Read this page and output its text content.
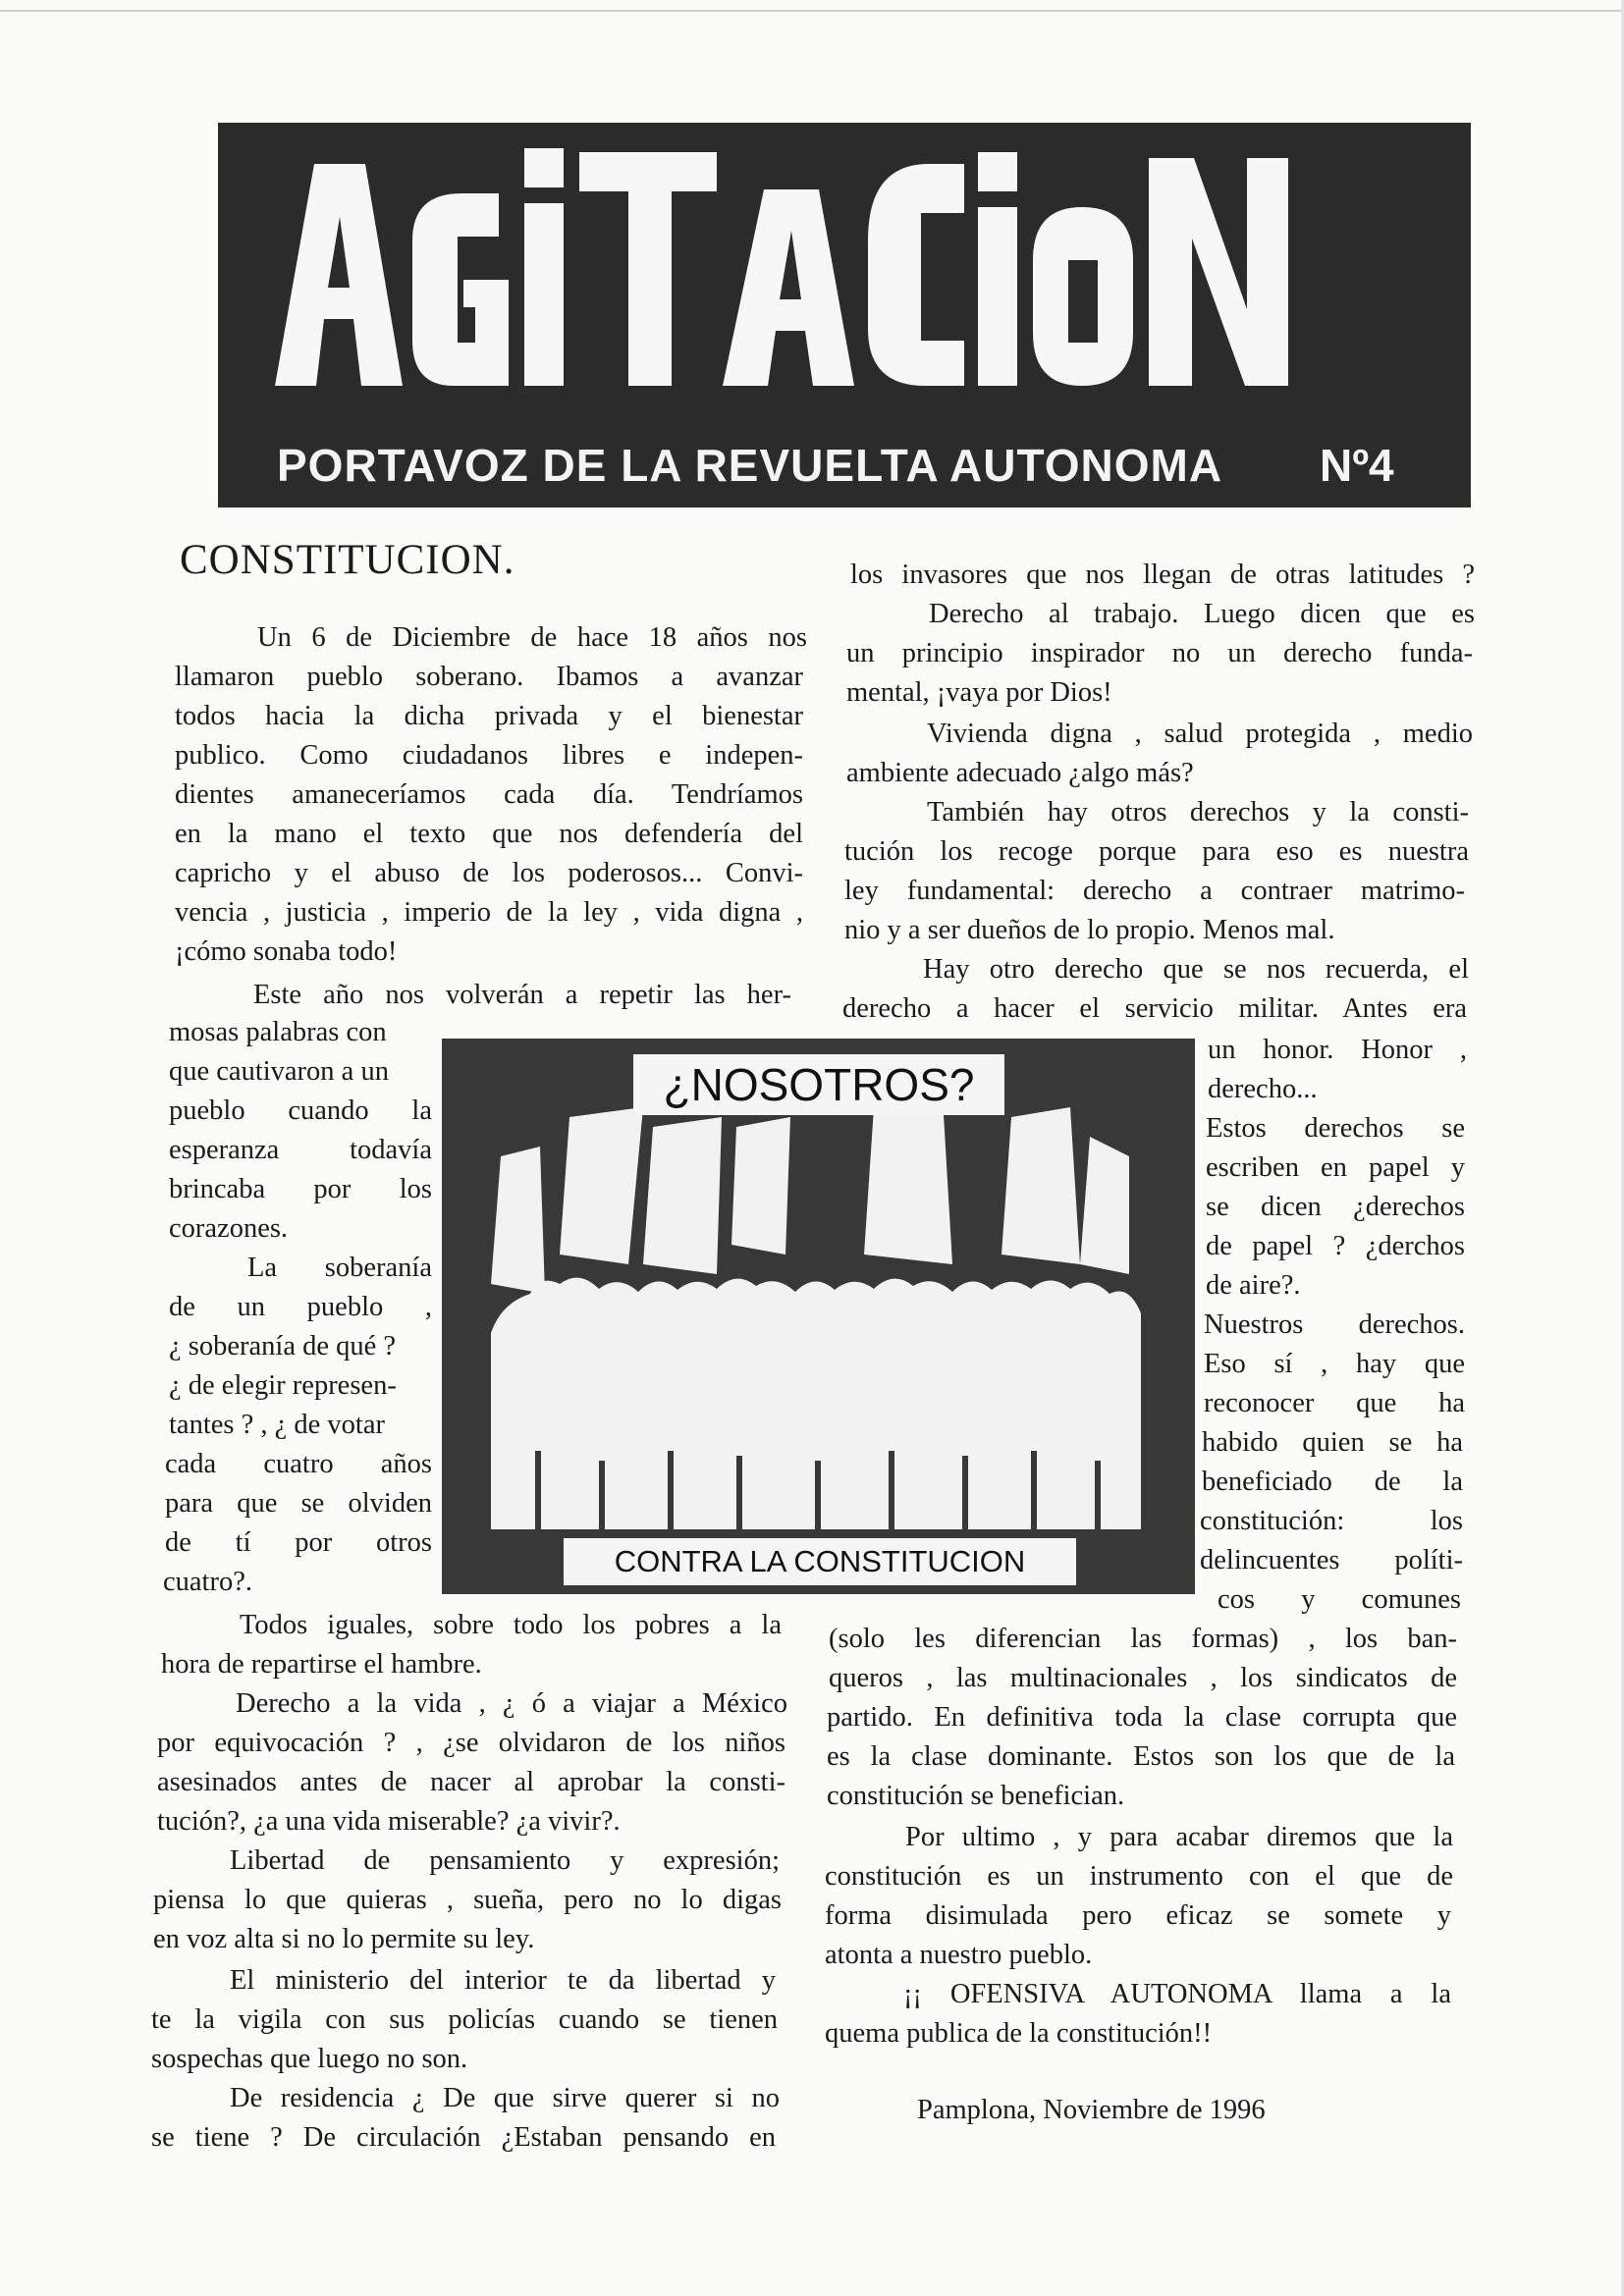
PORTAVOZ DE LA REVUELTA AUTONOMA	Nº4
CONSTITUCION.
Un 6 de Diciembre de hace 18 años nos
llamaron pueblo soberano. Ibamos a avanzar
todos hacia la dicha privada y el bienestar
publico. Como ciudadanos libres e indepen-
dientes amaneceríamos cada día. Tendríamos
en la mano el texto que nos defendería del
capricho y el abuso de los poderosos... Convi-
vencia , justicia , imperio de la ley , vida digna ,
¡cómo sonaba todo!
Este año nos volverán a repetir las her-
mosas palabras con
que cautivaron a un
pueblo cuando la
esperanza todavía
brincaba por los
corazones.
La soberanía
de un pueblo ,
¿ soberanía de qué ?
¿ de elegir represen-
tantes ? , ¿ de votar
cada cuatro años
para que se olviden
de tí por otros
cuatro?.
Todos iguales, sobre todo los pobres a la
hora de repartirse el hambre.
Derecho a la vida , ¿ ó a viajar a México
por equivocación ? , ¿se olvidaron de los niños
asesinados antes de nacer al aprobar la consti-
tución?, ¿a una vida miserable? ¿a vivir?.
Libertad de pensamiento y expresión;
piensa lo que quieras , sueña, pero no lo digas
en voz alta si no lo permite su ley.
El ministerio del interior te da libertad y
te la vigila con sus policías cuando se tienen
sospechas que luego no son.
De residencia ¿ De que sirve querer si no
se tiene ? De circulación ¿Estaban pensando en
los invasores que nos llegan de otras latitudes ?
Derecho al trabajo. Luego dicen que es
un principio inspirador no un derecho funda-
mental, ¡vaya por Dios!
Vivienda digna , salud protegida , medio
ambiente adecuado ¿algo más?
También hay otros derechos y la consti-
tución los recoge porque para eso es nuestra
ley fundamental: derecho a contraer matrimo-
nio y a ser dueños de lo propio. Menos mal.
Hay otro derecho que se nos recuerda, el
derecho a hacer el servicio militar. Antes era
un honor. Honor ,
derecho...
Estos derechos se
escriben en papel y
se dicen ¿derechos
de papel ? ¿derchos
de aire?.
Nuestros derechos.
Eso sí , hay que
reconocer que ha
habido quien se ha
beneficiado de la
constitución: los
delincuentes políti-
cos y comunes
(solo les diferencian las formas) , los ban-
queros , las multinacionales , los sindicatos de
partido. En definitiva toda la clase corrupta que
es la clase dominante. Estos son los que de la
constitución se benefician.
Por ultimo , y para acabar diremos que la
constitución es un instrumento con el que de
forma disimulada pero eficaz se somete y
atonta a nuestro pueblo.
¡¡ OFENSIVA AUTONOMA llama a la
quema publica de la constitución!!
Pamplona, Noviembre de 1996
¿NOSOTROS?
CONTRA LA CONSTITUCION
